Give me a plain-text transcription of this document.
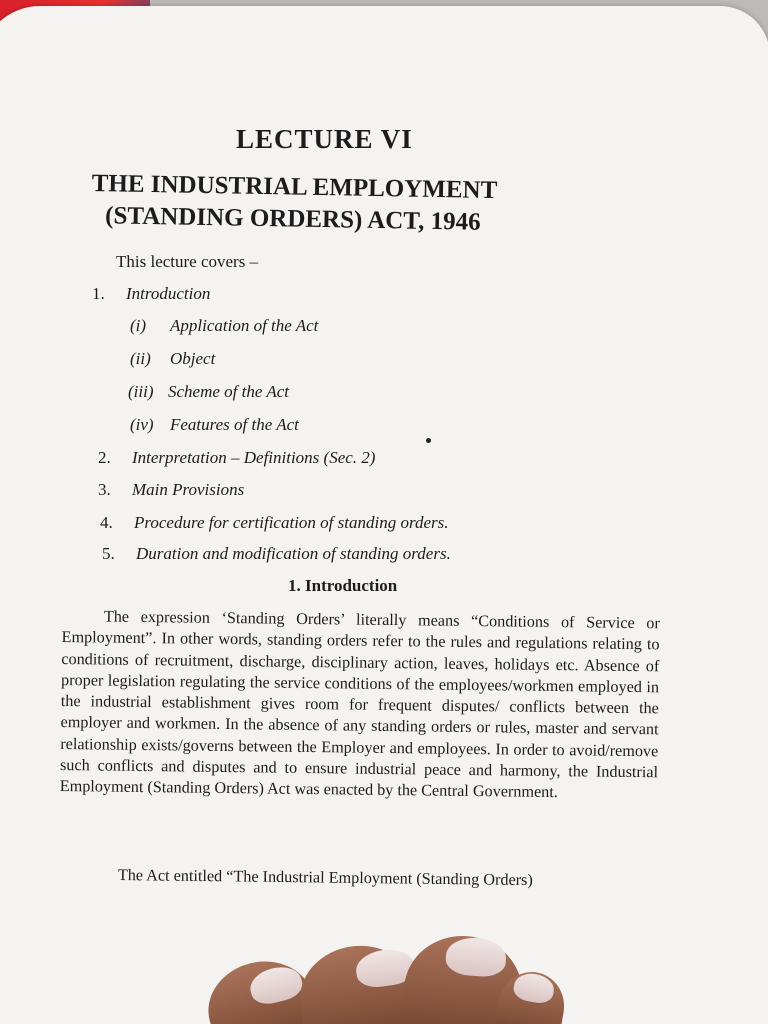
LECTURE VI
THE INDUSTRIAL EMPLOYMENT
(STANDING ORDERS) ACT, 1946
This lecture covers –
1. Introduction
(i) Application of the Act
(ii) Object
(iii) Scheme of the Act
(iv) Features of the Act
2. Interpretation – Definitions (Sec. 2)
3. Main Provisions
4. Procedure for certification of standing orders.
5. Duration and modification of standing orders.
1. Introduction
The expression ‘Standing Orders’ literally means “Conditions of Service or Employment”. In other words, standing orders refer to the rules and regulations relating to conditions of recruitment, discharge, disciplinary action, leaves, holidays etc. Absence of proper legislation regulating the service conditions of the employees/workmen employed in the industrial establishment gives room for frequent disputes/ conflicts between the employer and workmen. In the absence of any standing orders or rules, master and servant relationship exists/governs between the Employer and employees. In order to avoid/remove such conflicts and disputes and to ensure industrial peace and harmony, the Industrial Employment (Standing Orders) Act was enacted by the Central Government.
The Act entitled “The Industrial Employment (Standing Orders)
